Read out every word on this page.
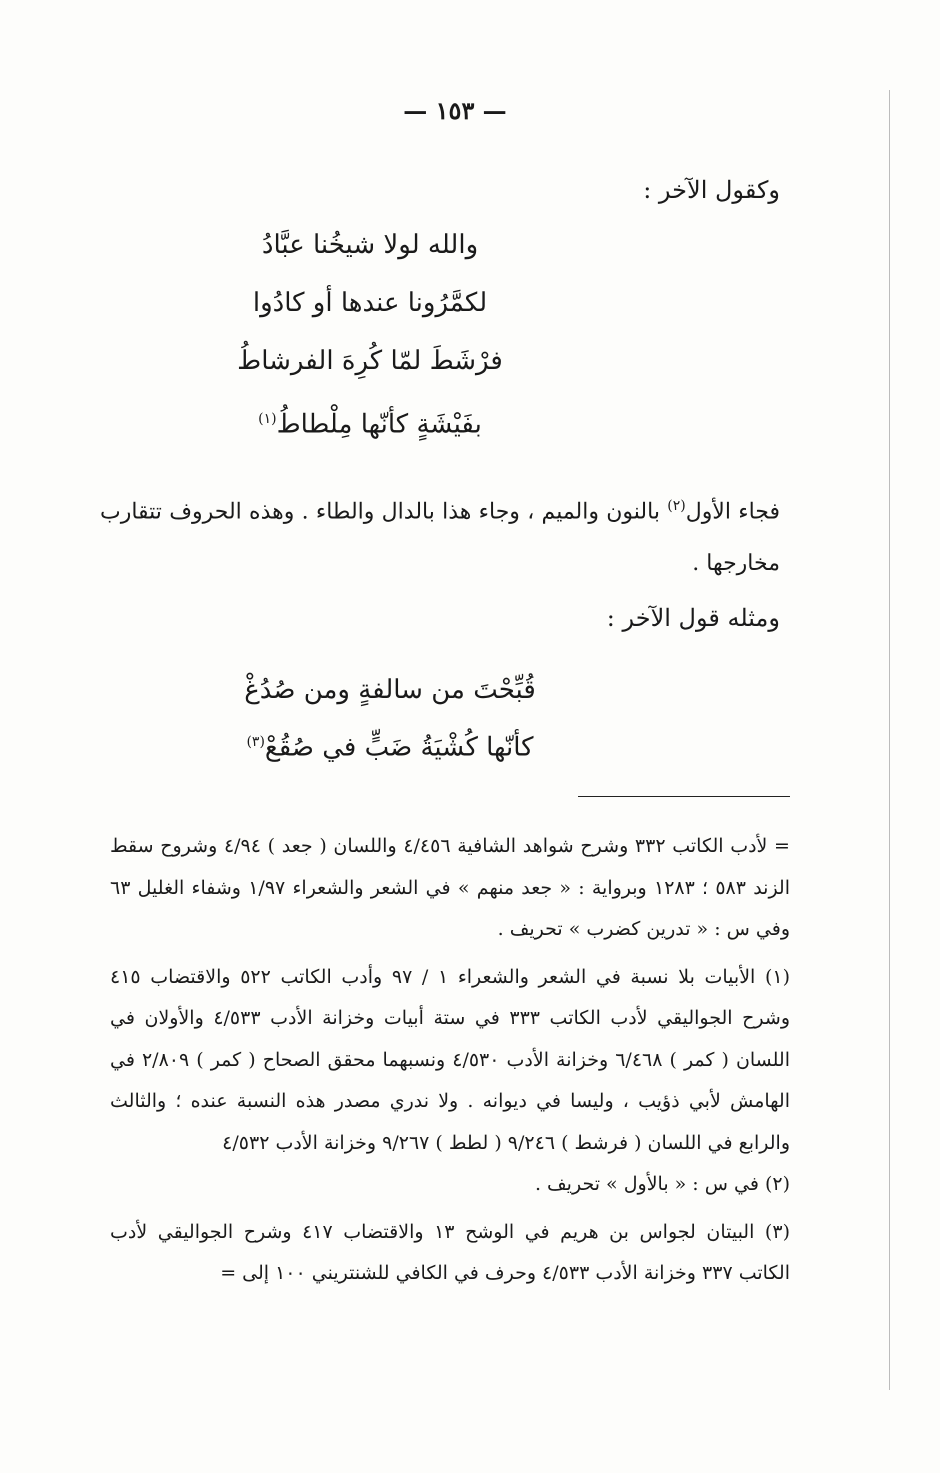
— ١٥٣ —
وكقول الآخر :
والله لولا شيخُنا عبَّادُ
لكمَّرُونا عندها أو كادُوا
فرْشَطَ لمّا كُرِهَ الفرشاطُ
بفَيْشَةٍ كأنّها مِلْطاطُ$^{(١)}$
فجاء الأول$^{(٢)}$ بالنون والميم ، وجاء هذا بالدال والطاء . وهذه الحروف تتقارب مخارجها .
ومثله قول الآخر :
قُبِّحْتَ من سالفةٍ ومن صُدُغْ
كأنّها كُشْيَةُ ضَبٍّ في صُقُعْ$^{(٣)}$

= لأدب الكاتب ٣٣٢ وشرح شواهد الشافية ٤/٤٥٦ واللسان ( جعد ) ٤/٩٤ وشروح سقط الزند ٥٨٣ ؛ ١٢٨٣ وبرواية : « جعد منهم » في الشعر والشعراء ١/٩٧ وشفاء الغليل ٦٣ وفي س : « تدرين كضرب » تحريف .

(١) الأبيات بلا نسبة في الشعر والشعراء ١ / ٩٧ وأدب الكاتب ٥٢٢ والاقتضاب ٤١٥ وشرح الجواليقي لأدب الكاتب ٣٣٣ في ستة أبيات وخزانة الأدب ٤/٥٣٣ والأولان في اللسان ( كمر ) ٦/٤٦٨ وخزانة الأدب ٤/٥٣٠ ونسبهما محقق الصحاح ( كمر ) ٢/٨٠٩ في الهامش لأبي ذؤيب ، وليسا في ديوانه . ولا ندري مصدر هذه النسبة عنده ؛ والثالث والرابع في اللسان ( فرشط ) ٩/٢٤٦ ( لطط ) ٩/٢٦٧ وخزانة الأدب ٤/٥٣٢

(٢) في س : « بالأول » تحريف .

(٣) البيتان لجواس بن هريم في الوشح ١٣ والاقتضاب ٤١٧ وشرح الجواليقي لأدب الكاتب ٣٣٧ وخزانة الأدب ٤/٥٣٣ وحرف في الكافي للشنتريني ١٠٠ إلى =
